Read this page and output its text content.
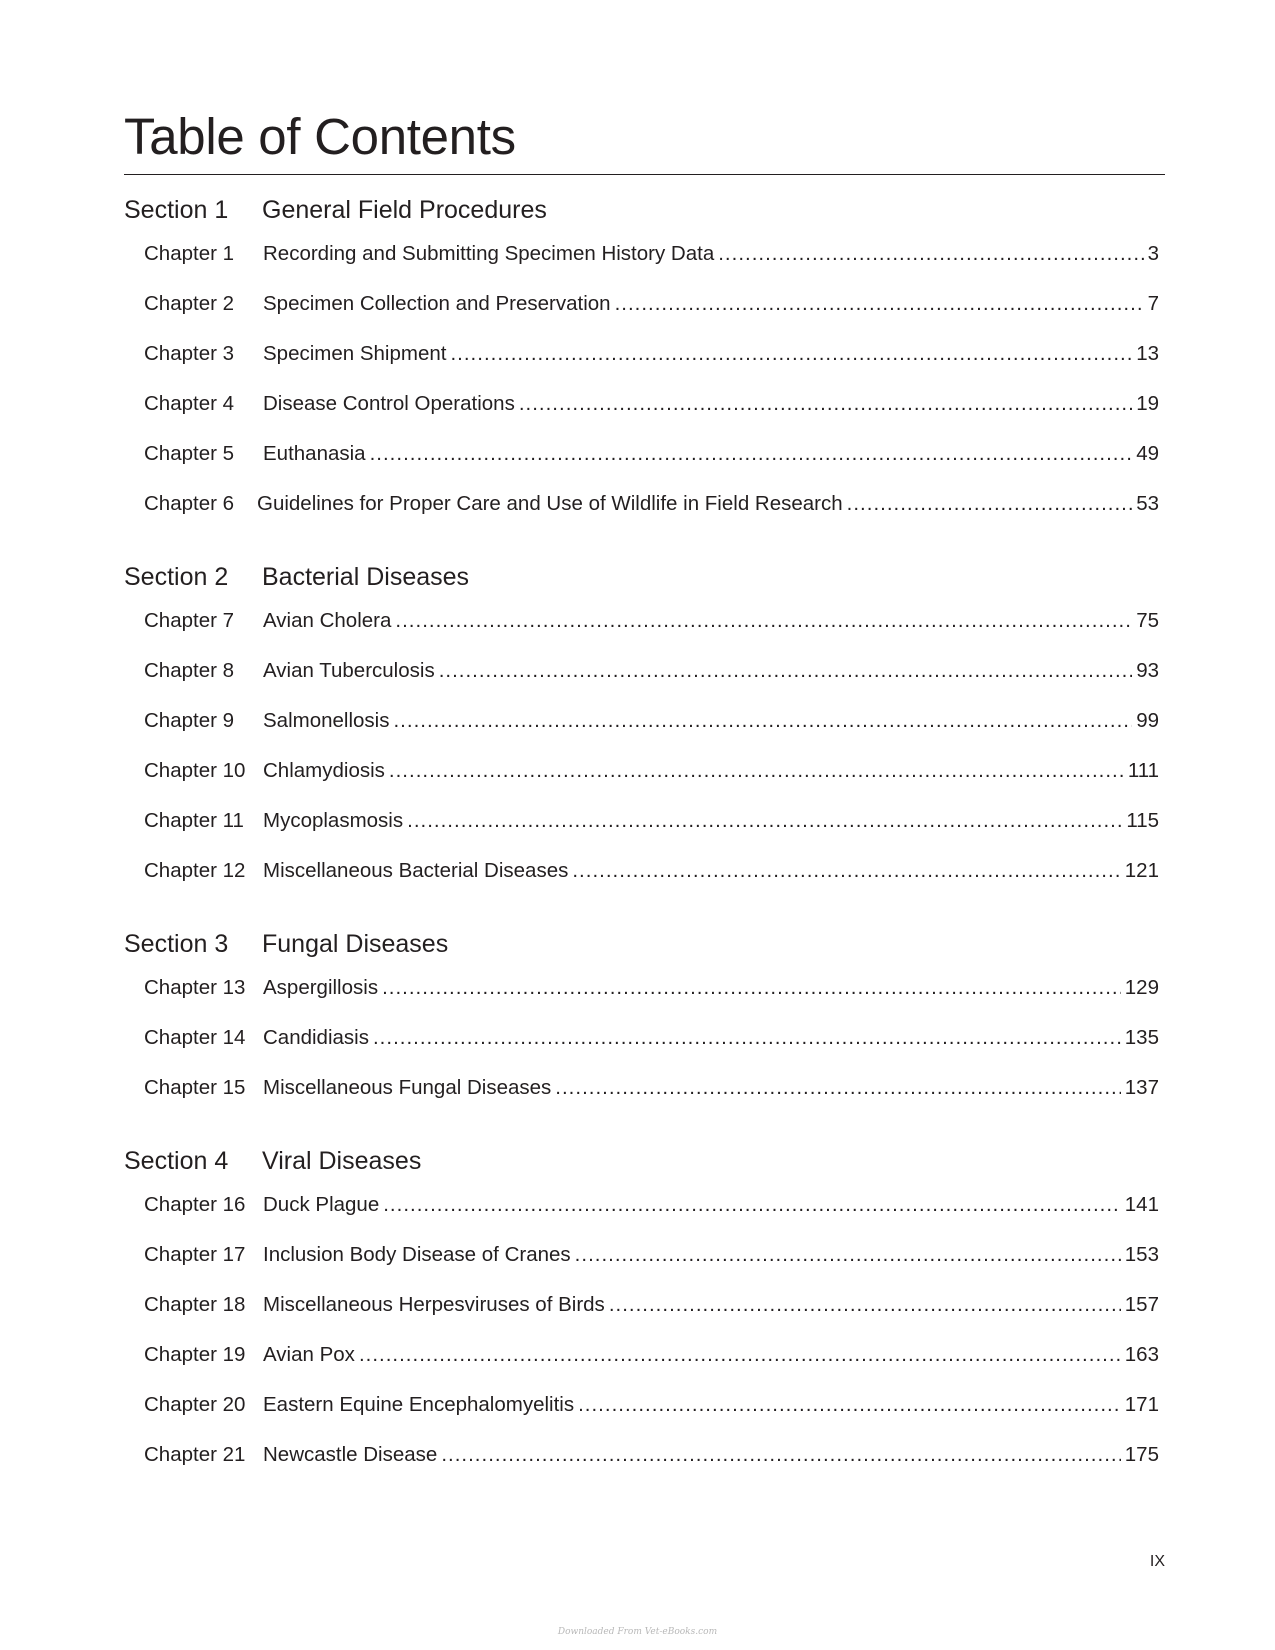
Table of Contents
Section 1	General Field Procedures
Chapter 1	Recording and Submitting Specimen History Data .....	3
Chapter 2	Specimen Collection and Preservation .....	7
Chapter 3	Specimen Shipment .....	13
Chapter 4	Disease Control Operations .....	19
Chapter 5	Euthanasia .....	49
Chapter 6	Guidelines for Proper Care and Use of Wildlife in Field Research .....	53
Section 2	Bacterial Diseases
Chapter 7	Avian Cholera .....	75
Chapter 8	Avian Tuberculosis .....	93
Chapter 9	Salmonellosis .....	99
Chapter 10 Chlamydiosis .....	111
Chapter 11 Mycoplasmosis .....	115
Chapter 12 Miscellaneous Bacterial Diseases .....	121
Section 3	Fungal Diseases
Chapter 13 Aspergillosis .....	129
Chapter 14 Candidiasis .....	135
Chapter 15 Miscellaneous Fungal Diseases .....	137
Section 4	Viral Diseases
Chapter 16 Duck Plague .....	141
Chapter 17 Inclusion Body Disease of Cranes .....	153
Chapter 18 Miscellaneous Herpesviruses of Birds .....	157
Chapter 19 Avian Pox .....	163
Chapter 20 Eastern Equine Encephalomyelitis .....	171
Chapter 21 Newcastle Disease .....	175
IX
Downloaded From Vet-eBooks.com
